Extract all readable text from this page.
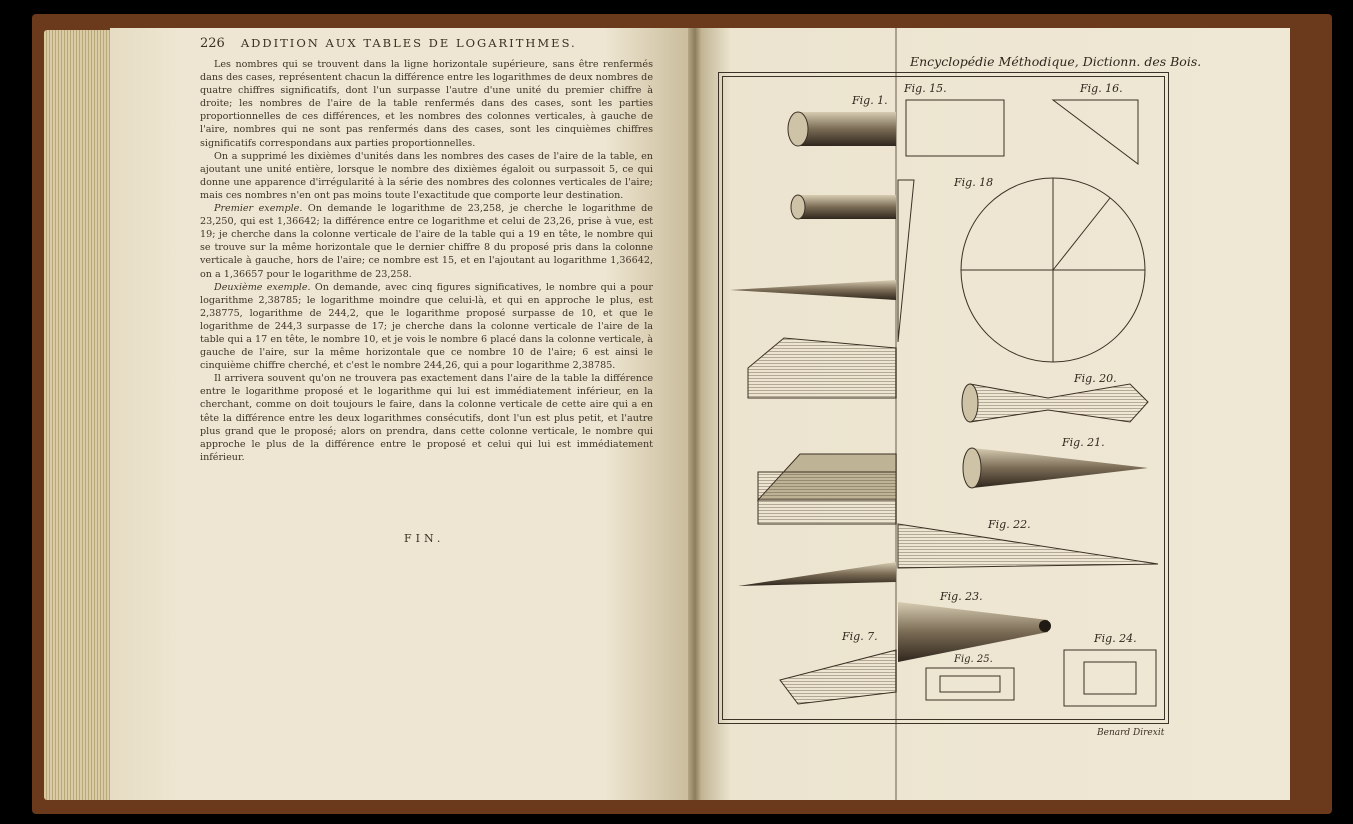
226 ADDITION AUX TABLES DE LOGARITHMES.

Les nombres qui se trouvent dans la ligne horizontale supérieure, sans être renfermés dans des cases, représentent chacun la différence entre les logarithmes de deux nombres de quatre chiffres significatifs, dont l'un surpasse l'autre d'une unité du premier chiffre à droite; les nombres de l'aire de la table renfermés dans des cases, sont les parties proportionnelles de ces différences, et les nombres des colonnes verticales, à gauche de l'aire, nombres qui ne sont pas renfermés dans des cases, sont les cinquièmes chiffres significatifs correspondans aux parties proportionnelles.

On a supprimé les dixièmes d'unités dans les nombres des cases de l'aire de la table, en ajoutant une unité entière, lorsque le nombre des dixièmes égaloit ou surpassoit 5, ce qui donne une apparence d'irrégularité à la série des nombres des colonnes verticales de l'aire; mais ces nombres n'en ont pas moins toute l'exactitude que comporte leur destination.

Premier exemple. On demande le logarithme de 23,258, je cherche le logarithme de 23,250, qui est 1,36642; la différence entre ce logarithme et celui de 23,26, prise à vue, est 19; je cherche dans la colonne verticale de l'aire de la table qui a 19 en tête, le nombre qui se trouve sur la même horizontale que le dernier chiffre 8 du proposé pris dans la colonne verticale à gauche, hors de l'aire; ce nombre est 15, et en l'ajoutant au logarithme 1,36642, on a 1,36657 pour le logarithme de 23,258.

Deuxième exemple. On demande, avec cinq figures significatives, le nombre qui a pour logarithme 2,38785; le logarithme moindre que celui-là, et qui en approche le plus, est 2,38775, logarithme de 244,2, que le logarithme proposé surpasse de 10, et que le logarithme de 244,3 surpasse de 17; je cherche dans la colonne verticale de l'aire de la table qui a 17 en tête, le nombre 10, et je vois le nombre 6 placé dans la colonne verticale, à gauche de l'aire, sur la même horizontale que ce nombre 10 de l'aire; 6 est ainsi le cinquième chiffre cherché, et c'est le nombre 244,26, qui a pour logarithme 2,38785.

Il arrivera souvent qu'on ne trouvera pas exactement dans l'aire de la table la différence entre le logarithme proposé et le logarithme qui lui est immédiatement inférieur, en la cherchant, comme on doit toujours le faire, dans la colonne verticale de cette aire qui a en tête la différence entre les deux logarithmes consécutifs, dont l'un est plus petit, et l'autre plus grand que le proposé; alors on prendra, dans cette colonne verticale, le nombre qui approche le plus de la différence entre le proposé et celui qui lui est immédiatement inférieur.

FIN.
Encyclopédie Méthodique, Dictionn. des Bois.
Fig. 1.
Fig. 15.	Fig. 16.
Fig. 18
Fig. 20.
Fig. 21.
Fig. 22.
Fig. 23.
Fig. 24.
Fig. 25.
Fig. 7.
Benard Direxit
